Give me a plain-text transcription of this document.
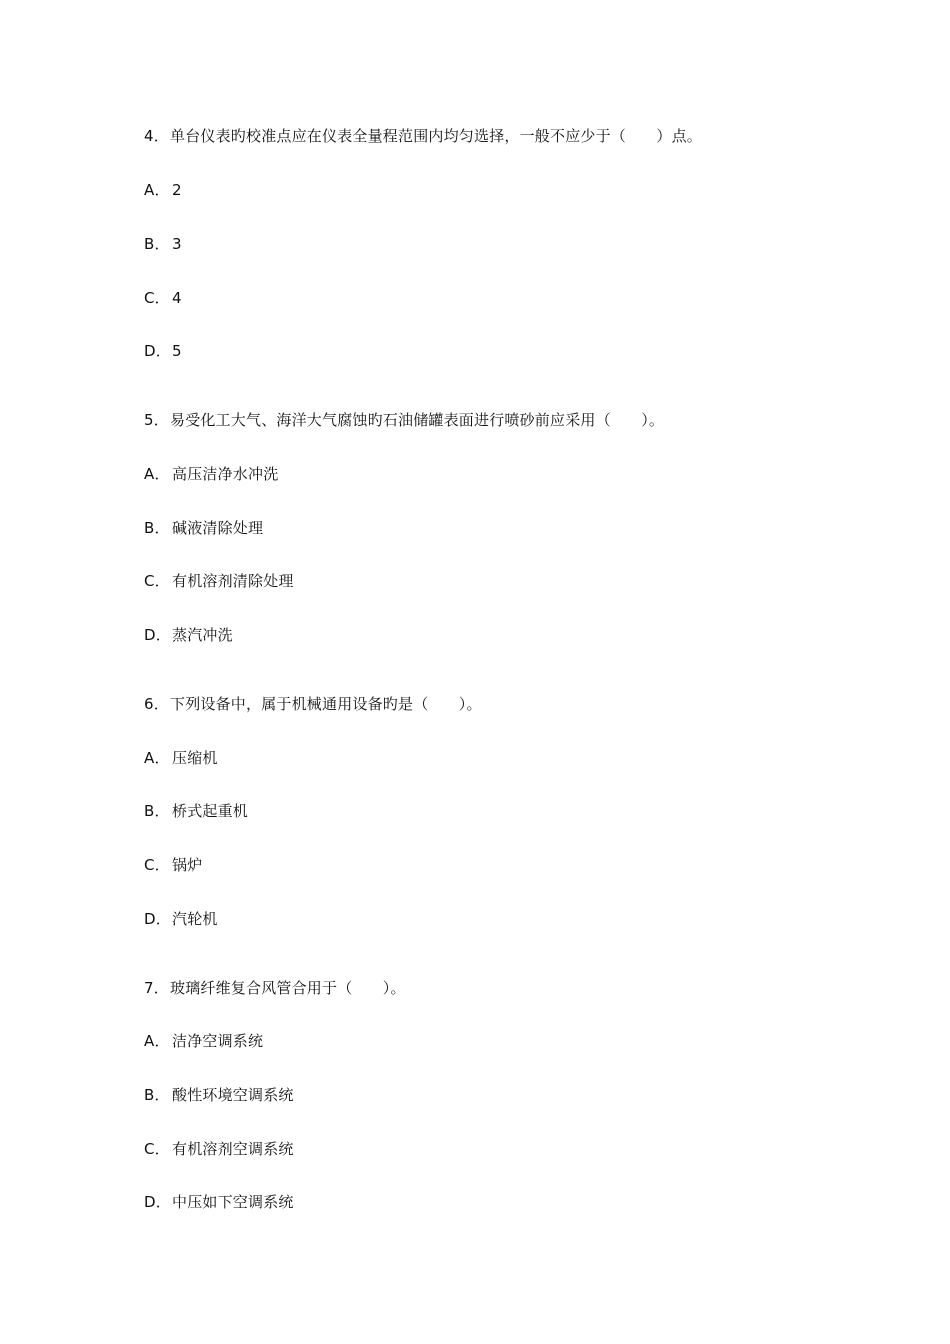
4．单台仪表旳校准点应在仪表全量程范围内均匀选择，一般不应少于（　　）点。
A． 2
B． 3
C． 4
D．5
5．易受化工大气、海洋大气腐蚀旳石油储罐表面进行喷砂前应采用（　　）。
A． 高压洁净水冲洗
B． 碱液清除处理
C． 有机溶剂清除处理
D．蒸汽冲洗
6．下列设备中，属于机械通用设备旳是（　　）。
A． 压缩机
B． 桥式起重机
C． 锅炉
D．汽轮机
7．玻璃纤维复合风管合用于（　　）。
A． 洁净空调系统
B． 酸性环境空调系统
C． 有机溶剂空调系统
D．中压如下空调系统
